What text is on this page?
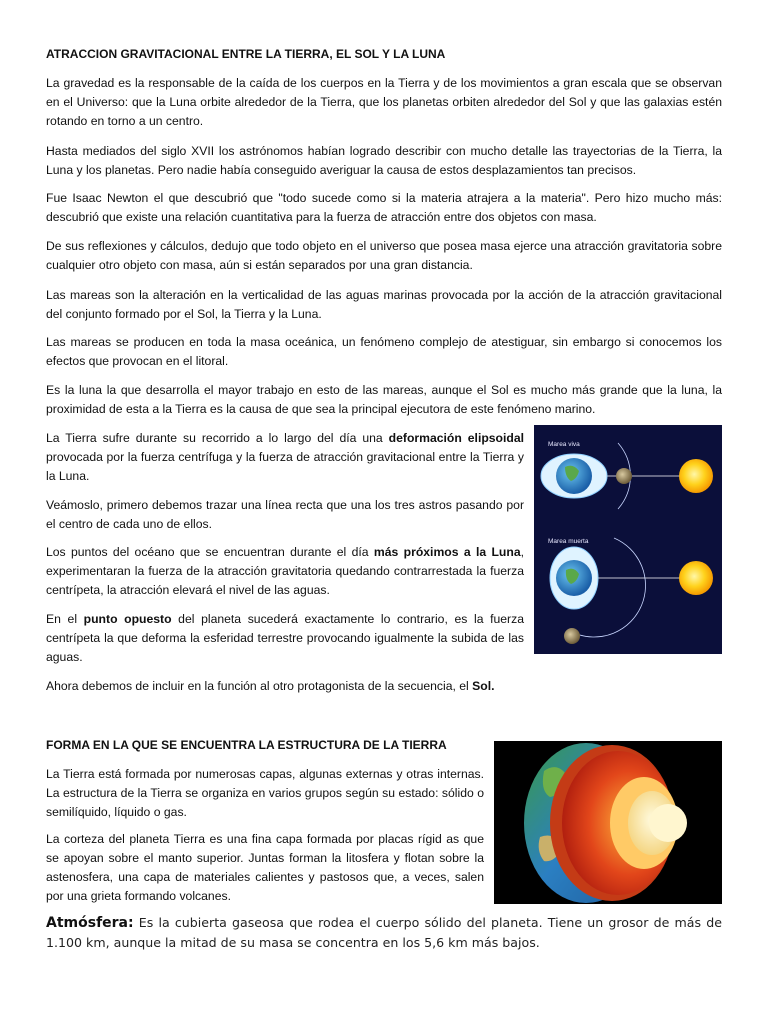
ATRACCION GRAVITACIONAL ENTRE LA TIERRA, EL SOL Y LA LUNA

La gravedad es la responsable de la caída de los cuerpos en la Tierra y de los movimientos a gran escala que se observan en el Universo: que la Luna orbite alrededor de la Tierra, que los planetas orbiten alrededor del Sol y que las galaxias estén rotando en torno a un centro.

Hasta mediados del siglo XVII los astrónomos habían logrado describir con mucho detalle las trayectorias de la Tierra, la Luna y los planetas. Pero nadie había conseguido averiguar la causa de estos desplazamientos tan precisos.

Fue Isaac Newton el que descubrió que "todo sucede como si la materia atrajera a la materia". Pero hizo mucho más: descubrió que existe una relación cuantitativa para la fuerza de atracción entre dos objetos con masa.

De sus reflexiones y cálculos, dedujo que todo objeto en el universo que posea masa ejerce una atracción gravitatoria sobre cualquier otro objeto con masa, aún si están separados por una gran distancia.

Las mareas son la alteración en la verticalidad de las aguas marinas provocada por la acción de la atracción gravitacional del conjunto formado por el Sol, la Tierra y la Luna.

Las mareas se producen en toda la masa oceánica, un fenómeno complejo de atestiguar, sin embargo si conocemos los efectos que provocan en el litoral.

Es la luna la que desarrolla el mayor trabajo en esto de las mareas, aunque el Sol es mucho más grande que la luna, la proximidad de esta a la Tierra es la causa de que sea la principal ejecutora de este fenómeno marino.

La Tierra sufre durante su recorrido a lo largo del día una deformación elipsoidal provocada por la fuerza centrífuga y la fuerza de atracción gravitacional entre la Tierra y la Luna.

Veámoslo, primero debemos trazar una línea recta que una los tres astros pasando por el centro de cada uno de ellos.

Los puntos del océano que se encuentran durante el día más próximos a la Luna, experimentaran la fuerza de la atracción gravitatoria quedando contrarrestada la fuerza centrípeta, la atracción elevará el nivel de las aguas.

En el punto opuesto del planeta sucederá exactamente lo contrario, es la fuerza centrípeta la que deforma la esferidad terrestre provocando igualmente la subida de las aguas.

Ahora debemos de incluir en la función al otro protagonista de la secuencia, el Sol.

Marea viva
Marea muerta
FORMA EN LA QUE SE ENCUENTRA LA ESTRUCTURA DE LA TIERRA

La Tierra está formada por numerosas capas, algunas externas y otras internas. La estructura de la Tierra se organiza en varios grupos según su estado: sólido o semilíquido, líquido o gas.

La corteza del planeta Tierra es una fina capa formada por placas rígid as que se apoyan sobre el manto superior. Juntas forman la litosfera y flotan sobre la astenosfera, una capa de materiales calientes y pastosos que, a veces, salen por una grieta formando volcanes.

Atmósfera: Es la cubierta gaseosa que rodea el cuerpo sólido del planeta. Tiene un grosor de más de 1.100 km, aunque la mitad de su masa se concentra en los 5,6 km más bajos.
